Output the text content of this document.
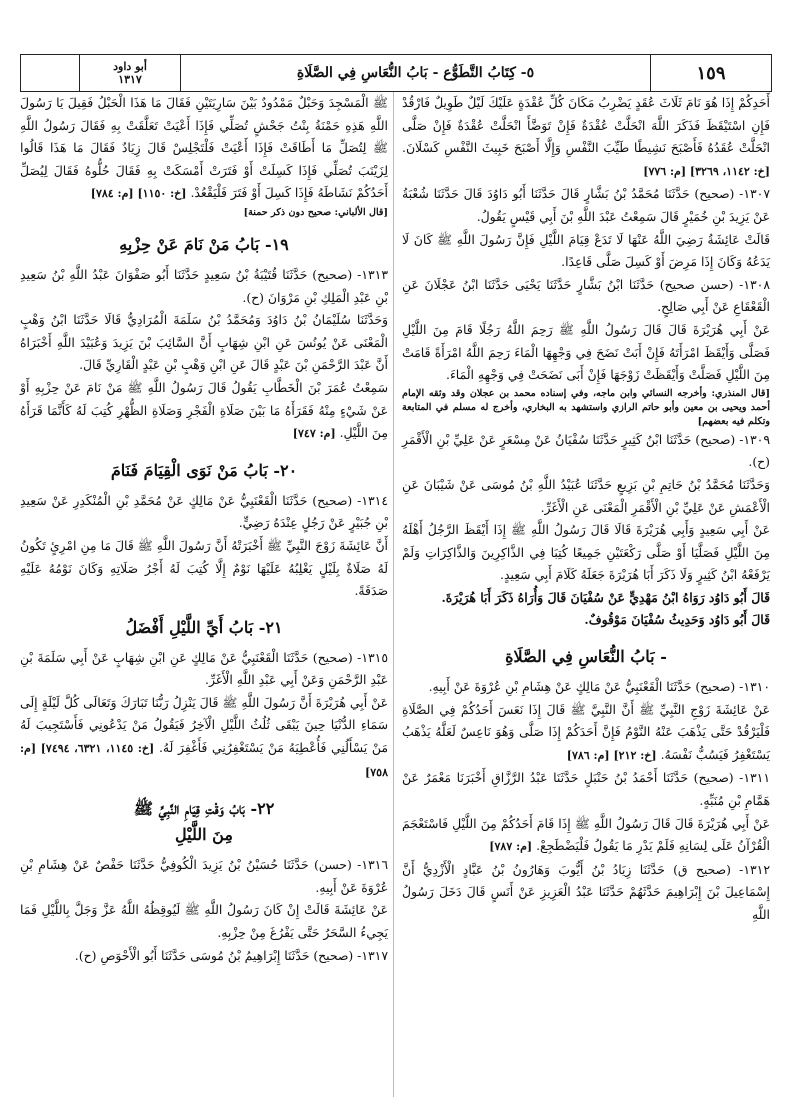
١٥٩
٥- كِتَابُ التَّطَوُّع - بَابُ النُّعَاسِ فِي الصَّلَاةِ
أبو داود
١٣١٧

أَحَدِكُمْ إِذَا هُوَ نَامَ ثَلَاثَ عُقَدٍ يَضْرِبُ مَكَانَ كُلِّ عُقْدَةٍ عَلَيْكَ لَيْلٌ طَوِيلٌ فَارْقُدْ فَإِنِ اسْتَيْقَظَ فَذَكَرَ اللَّهَ انْحَلَّتْ عُقْدَةٌ فَإِنْ تَوَضَّأَ انْحَلَّتْ عُقْدَةٌ فَإِنْ صَلَّى انْحَلَّتْ عُقَدُهُ فَأَصْبَحَ نَشِيطًا طَيِّبَ النَّفْسِ وَإِلَّا أَصْبَحَ خَبِيثَ النَّفْسِ كَسْلَانَ. [خ: ١١٤٢، ٣٢٦٩] [م: ٧٧٦]

١٣٠٧- (صحيح) حَدَّثَنَا مُحَمَّدُ بْنُ بَشَّارٍ قَالَ حَدَّثَنَا أَبُو دَاوُدَ قَالَ حَدَّثَنَا شُعْبَةُ عَنْ يَزِيدَ بْنِ خُمَيْرٍ قَالَ سَمِعْتُ عَبْدَ اللَّهِ بْنَ أَبِي قَيْسٍ يَقُولُ.

قَالَتْ عَائِشَةُ رَضِيَ اللَّهُ عَنْهَا لَا تَدَعْ قِيَامَ اللَّيْلِ فَإِنَّ رَسُولَ اللَّهِ ﷺ كَانَ لَا يَدَعُهُ وَكَانَ إِذَا مَرِضَ أَوْ كَسِلَ صَلَّى قَاعِدًا.

١٣٠٨- (حسن صحيح) حَدَّثَنَا ابْنُ بَشَّارٍ حَدَّثَنَا يَحْيَى حَدَّثَنَا ابْنُ عَجْلَانَ عَنِ الْقَعْقَاعِ عَنْ أَبِي صَالِحٍ.

عَنْ أَبِي هُرَيْرَةَ قَالَ قَالَ رَسُولُ اللَّهِ ﷺ رَحِمَ اللَّهُ رَجُلًا قَامَ مِنَ اللَّيْلِ فَصَلَّى وَأَيْقَظَ امْرَأَتَهُ فَإِنْ أَبَتْ نَضَحَ فِي وَجْهِهَا الْمَاءَ رَحِمَ اللَّهُ امْرَأَةً قَامَتْ مِنَ اللَّيْلِ فَصَلَّتْ وَأَيْقَظَتْ زَوْجَهَا فَإِنْ أَبَى نَضَحَتْ فِي وَجْهِهِ الْمَاءَ.

[قال المنذري: وأخرجه النسائي وابن ماجه، وفي إسناده محمد بن عجلان وقد وثقه الإمام أحمد ويحيى بن معين وأبو حاتم الرازي واستشهد به البخاري، وأخرج له مسلم في المتابعة وتكلم فيه بعضهم]

١٣٠٩- (صحيح) حَدَّثَنَا ابْنُ كَثِيرٍ حَدَّثَنَا سُفْيَانُ عَنْ مِسْعَرٍ عَنْ عَلِيِّ بْنِ الْأَقْمَرِ (ح).

وَحَدَّثَنَا مُحَمَّدُ بْنُ حَاتِمِ بْنِ بَزِيعٍ حَدَّثَنَا عُبَيْدُ اللَّهِ بْنُ مُوسَى عَنْ شَيْبَانَ عَنِ الْأَعْمَشِ عَنْ عَلِيِّ بْنِ الْأَقْمَرِ الْمَعْنَى عَنِ الْأَغَرِّ.

عَنْ أَبِي سَعِيدٍ وَأَبِي هُرَيْرَةَ قَالَا قَالَ رَسُولُ اللَّهِ ﷺ إِذَا أَيْقَظَ الرَّجُلُ أَهْلَهُ مِنَ اللَّيْلِ فَصَلَّيَا أَوْ صَلَّى رَكْعَتَيْنِ جَمِيعًا كُتِبَا فِي الذَّاكِرِينَ وَالذَّاكِرَاتِ وَلَمْ يَرْفَعْهُ ابْنُ كَثِيرٍ وَلَا ذَكَرَ أَبَا هُرَيْرَةَ جَعَلَهُ كَلَامَ أَبِي سَعِيدٍ.

قَالَ أَبُو دَاوُد رَوَاهُ ابْنُ مَهْدِيٍّ عَنْ سُفْيَانَ قَالَ وَأُرَاهُ ذَكَرَ أَبَا هُرَيْرَةَ.

قَالَ أَبُو دَاوُد وَحَدِيثُ سُفْيَانَ مَوْقُوفٌ.

- بَابُ النُّعَاسِ فِي الصَّلَاةِ

١٣١٠- (صحيح) حَدَّثَنَا الْقَعْنَبِيُّ عَنْ مَالِكٍ عَنْ هِشَامِ بْنِ عُرْوَةَ عَنْ أَبِيهِ.

عَنْ عَائِشَةَ زَوْجِ النَّبِيِّ ﷺ أَنَّ النَّبِيَّ ﷺ قَالَ إِذَا نَعَسَ أَحَدُكُمْ فِي الصَّلَاةِ فَلْيَرْقُدْ حَتَّى يَذْهَبَ عَنْهُ النَّوْمُ فَإِنَّ أَحَدَكُمْ إِذَا صَلَّى وَهُوَ نَاعِسٌ لَعَلَّهُ يَذْهَبُ يَسْتَغْفِرُ فَيَسُبُّ نَفْسَهُ. [خ: ٢١٢] [م: ٧٨٦]

١٣١١- (صحيح) حَدَّثَنَا أَحْمَدُ بْنُ حَنْبَلٍ حَدَّثَنَا عَبْدُ الرَّزَّاقِ أَخْبَرَنَا مَعْمَرٌ عَنْ هَمَّامِ بْنِ مُنَبِّهٍ.

عَنْ أَبِي هُرَيْرَةَ قَالَ قَالَ رَسُولُ اللَّهِ ﷺ إِذَا قَامَ أَحَدُكُمْ مِنَ اللَّيْلِ فَاسْتَعْجَمَ الْقُرْآنُ عَلَى لِسَانِهِ فَلَمْ يَدْرِ مَا يَقُولُ فَلْيَضْطَجِعْ. [م: ٧٨٧]

١٣١٢- (صحيح ق) حَدَّثَنَا زِيَادُ بْنُ أَيُّوبَ وَهَارُونُ بْنُ عَبَّادٍ الْأَزْدِيُّ أَنَّ إِسْمَاعِيلَ بْنَ إِبْرَاهِيمَ حَدَّثَهُمْ حَدَّثَنَا عَبْدُ الْعَزِيزِ عَنْ أَنَسٍ قَالَ دَخَلَ رَسُولُ اللَّهِ

ﷺ الْمَسْجِدَ وَحَبْلٌ مَمْدُودٌ بَيْنَ سَارِيَتَيْنِ فَقَالَ مَا هَذَا الْحَبْلُ فَقِيلَ يَا رَسُولَ اللَّهِ هَذِهِ حَمْنَةُ بِنْتُ جَحْشٍ تُصَلِّي فَإِذَا أَعْيَتْ تَعَلَّقَتْ بِهِ فَقَالَ رَسُولُ اللَّهِ ﷺ لِتُصَلِّ مَا أَطَاقَتْ فَإِذَا أَعْيَتْ فَلْتَجْلِسْ قَالَ زِيَادٌ فَقَالَ مَا هَذَا قَالُوا لِزَيْنَبَ تُصَلِّي فَإِذَا كَسِلَتْ أَوْ فَتَرَتْ أَمْسَكَتْ بِهِ فَقَالَ حُلُّوهُ فَقَالَ لِيُصَلِّ أَحَدُكُمْ نَشَاطَهُ فَإِذَا كَسِلَ أَوْ فَتَرَ فَلْيَقْعُدْ. [خ: ١١٥٠] [م: ٧٨٤]

[قال الألباني: صحيح دون ذكر حمنة]

١٩- بَابُ مَنْ نَامَ عَنْ حِزْبِهِ

١٣١٣- (صحيح) حَدَّثَنَا قُتَيْبَةُ بْنُ سَعِيدٍ حَدَّثَنَا أَبُو صَفْوَانَ عَبْدُ اللَّهِ بْنُ سَعِيدِ بْنِ عَبْدِ الْمَلِكِ بْنِ مَرْوَانَ (ح).

وَحَدَّثَنَا سُلَيْمَانُ بْنُ دَاوُدَ وَمُحَمَّدُ بْنُ سَلَمَةَ الْمُرَادِيُّ قَالَا حَدَّثَنَا ابْنُ وَهْبٍ الْمَعْنَى عَنْ يُونُسَ عَنِ ابْنِ شِهَابٍ أَنَّ السَّائِبَ بْنَ يَزِيدَ وَعُبَيْدَ اللَّهِ أَخْبَرَاهُ أَنَّ عَبْدَ الرَّحْمَنِ بْنَ عَبْدٍ قَالَ عَنِ ابْنِ وَهْبٍ بْنِ عَبْدٍ الْقَارِيِّ قَالَ.

سَمِعْتُ عُمَرَ بْنَ الْخَطَّابِ يَقُولُ قَالَ رَسُولُ اللَّهِ ﷺ مَنْ نَامَ عَنْ حِزْبِهِ أَوْ عَنْ شَيْءٍ مِنْهُ فَقَرَأَهُ مَا بَيْنَ صَلَاةِ الْفَجْرِ وَصَلَاةِ الظُّهْرِ كُتِبَ لَهُ كَأَنَّمَا قَرَأَهُ مِنَ اللَّيْلِ. [م: ٧٤٧]

٢٠- بَابُ مَنْ نَوَى الْقِيَامَ فَنَامَ

١٣١٤- (صحيح) حَدَّثَنَا الْقَعْنَبِيُّ عَنْ مَالِكٍ عَنْ مُحَمَّدِ بْنِ الْمُنْكَدِرِ عَنْ سَعِيدِ بْنِ جُبَيْرٍ عَنْ رَجُلٍ عِنْدَهُ رَضِيٍّ.

أَنَّ عَائِشَةَ زَوْجَ النَّبِيِّ ﷺ أَخْبَرَتْهُ أَنَّ رَسُولَ اللَّهِ ﷺ قَالَ مَا مِنِ امْرِئٍ تَكُونُ لَهُ صَلَاةٌ بِلَيْلٍ يَغْلِبُهُ عَلَيْهَا نَوْمٌ إِلَّا كُتِبَ لَهُ أَجْرُ صَلَاتِهِ وَكَانَ نَوْمُهُ عَلَيْهِ صَدَقَةً.

٢١- بَابُ أَيِّ اللَّيْلِ أَفْضَلُ

١٣١٥- (صحيح) حَدَّثَنَا الْقَعْنَبِيُّ عَنْ مَالِكٍ عَنِ ابْنِ شِهَابٍ عَنْ أَبِي سَلَمَةَ بْنِ عَبْدِ الرَّحْمَنِ وَعَنْ أَبِي عَبْدِ اللَّهِ الْأَغَرِّ.

عَنْ أَبِي هُرَيْرَةَ أَنَّ رَسُولَ اللَّهِ ﷺ قَالَ يَنْزِلُ رَبُّنَا تَبَارَكَ وَتَعَالَى كُلَّ لَيْلَةٍ إِلَى سَمَاءِ الدُّنْيَا حِينَ يَبْقَى ثُلُثُ اللَّيْلِ الْآخِرُ فَيَقُولُ مَنْ يَدْعُونِي فَأَسْتَجِيبَ لَهُ مَنْ يَسْأَلُنِي فَأُعْطِيَهُ مَنْ يَسْتَغْفِرُنِي فَأَغْفِرَ لَهُ. [خ: ١١٤٥، ٦٣٢١، ٧٤٩٤] [م: ٧٥٨]

٢٢- بَابُ وَقْتِ قِيَامِ النَّبِيِّ ﷺ
مِنَ اللَّيْلِ

١٣١٦- (حسن) حَدَّثَنَا حُسَيْنُ بْنُ يَزِيدَ الْكُوفِيُّ حَدَّثَنَا حَفْصٌ عَنْ هِشَامِ بْنِ عُرْوَةَ عَنْ أَبِيهِ.

عَنْ عَائِشَةَ قَالَتْ إِنْ كَانَ رَسُولُ اللَّهِ ﷺ لَيُوقِظُهُ اللَّهُ عَزَّ وَجَلَّ بِاللَّيْلِ فَمَا يَجِيءُ السَّحَرُ حَتَّى يَفْرُغَ مِنْ حِزْبِهِ.

١٣١٧- (صحيح) حَدَّثَنَا إِبْرَاهِيمُ بْنُ مُوسَى حَدَّثَنَا أَبُو الْأَحْوَصِ (ح).
